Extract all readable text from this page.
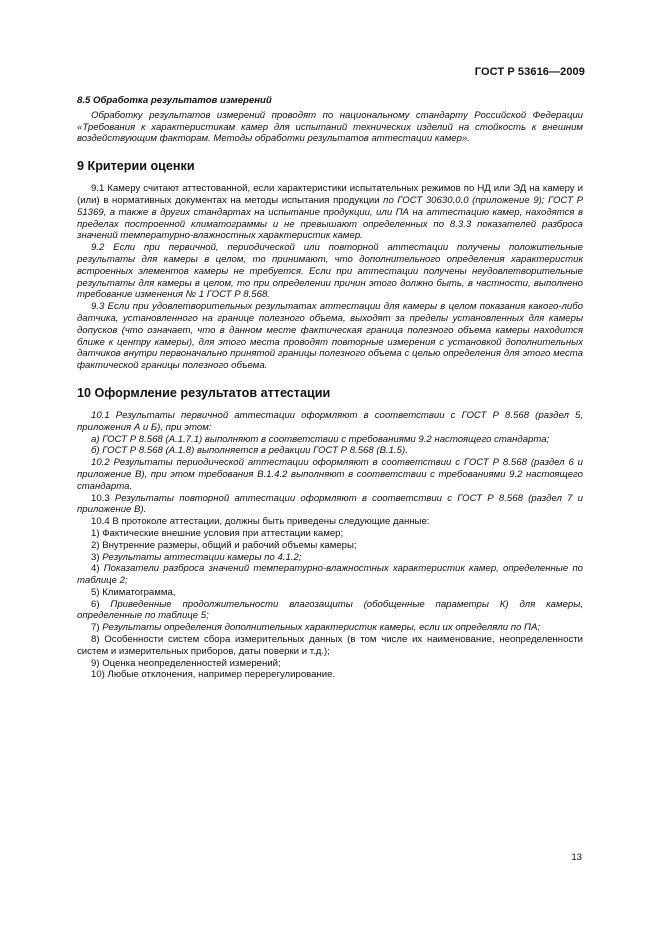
ГОСТ Р 53616—2009
8.5 Обработка результатов измерений

Обработку результатов измерений проводят по национальному стандарту Российской Федерации «Требования к характеристикам камер для испытаний технических изделий на стойкость к внешним воздействующим факторам. Методы обработки результатов аттестации камер».

9 Критерии оценки

9.1 Камеру считают аттестованной, если характеристики испытательных режимов по НД или ЭД на камеру и (или) в нормативных документах на методы испытания продукции по ГОСТ 30630.0.0 (приложение 9); ГОСТ Р 51369, а также в других стандартах на испытание продукции, или ПА на аттестацию камер, находятся в пределах построенной климатограммы и не превышают определенных по 8.3.3 показателей разброса значений температурно-влажностных характеристик камер.

9.2 Если при первичной, периодической или повторной аттестации получены положительные результаты для камеры в целом, то принимают, что дополнительного определения характеристик встроенных элементов камеры не требуется. Если при аттестации получены неудовлетворительные результаты для камеры в целом, то при определении причин этого должно быть, в частности, выполнено требование изменения № 1 ГОСТ Р 8.568.

9.3 Если при удовлетворительных результатах аттестации для камеры в целом показания какого-либо датчика, установленного на границе полезного объема, выходят за пределы установленных для камеры допусков (что означает, что в данном месте фактическая граница полезного объема камеры находится ближе к центру камеры), для этого места проводят повторные измерения с установкой дополнительных датчиков внутри первоначально принятой границы полезного объема с целью определения для этого места фактической границы полезного объема.

10 Оформление результатов аттестации

10.1 Результаты первичной аттестации оформляют в соответствии с ГОСТ Р 8.568 (раздел 5, приложения А и Б), при этом:

а) ГОСТ Р 8.568 (А.1.7.1) выполняют в соответствии с требованиями 9.2 настоящего стандарта;

б) ГОСТ Р 8.568 (А.1.8) выполняется в редакции ГОСТ Р 8.568 (В.1.5).

10.2 Результаты периодической аттестации оформляют в соответствии с ГОСТ Р 8.568 (раздел 6 и приложение В), при этом требования В.1.4.2 выполняют в соответствии с требованиями 9.2 настоящего стандарта.

10.3 Результаты повторной аттестации оформляют в соответствии с ГОСТ Р 8.568 (раздел 7 и приложение В).

10.4 В протоколе аттестации, должны быть приведены следующие данные:

1) Фактические внешние условия при аттестации камер;

2) Внутренние размеры, общий и рабочий объемы камеры;

3) Результаты аттестации камеры по 4.1.2;

4) Показатели разброса значений температурно-влажностных характеристик камер, определенные по таблице 2;

5) Климатограмма,

6) Приведенные продолжительности влагозащиты (обобщенные параметры К) для камеры, определенные по таблице 5;

7) Результаты определения дополнительных характеристик камеры, если их определяли по ПА;

8) Особенности систем сбора измерительных данных (в том числе их наименование, неопределенности систем и измерительных приборов, даты поверки и т.д.);

9) Оценка неопределенностей измерений;

10) Любые отклонения, например перерегулирование.

13
